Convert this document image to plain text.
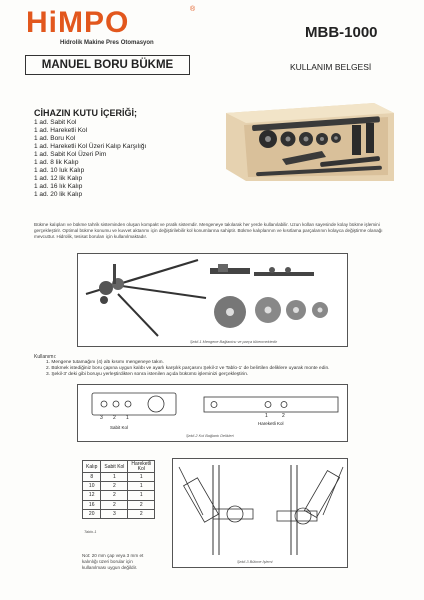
HiMPO	®
Hidrolik Makine Pres Otomasyon
MBB-1000
MANUEL BORU BÜKME	KULLANIM BELGESİ
CİHAZIN KUTU İÇERİĞİ;
1 ad. Sabit Kol
1 ad. Hareketli Kol
1 ad. Boru Kol
1 ad. Hareketli Kol Üzeri Kalıp Karşılığı
1 ad. Sabit Kol Üzeri Pim
1 ad. 8 lik Kalıp
1 ad. 10 luk Kalıp
1 ad. 12 lik Kalıp
1 ad. 16 lık Kalıp
1 ad. 20 lik Kalıp

Bükme kalıpları ve bükme tahrik sisteminden oluşan kompakt ve pratik sistemdir. Mengeneye takılarak her yerde kullanılabilir. Uzun kollan sayesinde kolay bükme işlemini gerçekleştirir. Optimal bükme konumu ve kuvvet aktarımı için değiştirilebilir kol konumlarına sahiptir. Bükme kalıplarının ve kısıtlama parçalarının kolayca değiştirme olanağı mevcuttur. Hidrolik, tesisat boruları için kullanılmaktadır.

Şekil-1 Mengene Bağlantısı ve parça tükenmektedir
Kullanımı:
1. Mengene tutamağını (4) altı kısımı mengeneye takın.
2. Bükmek istediğiniz boru çapına uygun kalıbı ve ayarlı karşılık parçasını Şekil-2 ve Tablo-1' de belirtilen deliklere uyarak monte edin.
3. Şekil-3' deki gibi boruyu yerleştirdikten sonra istenilen açıda bükümü işleminizi gerçekleştirin.
3 2 1
Sabit Kol
1	2
Hareketli Kol
Şekil-2 Kol Bağlantı Delikleri
Kalıp	Sabit Kol	Hareketli Kol
8	1	1
10	2	1
12	2	1
16	2	2
20	3	2
Tablo-1

Not: 20 mm çap veya 3 mm et kalınlığı üzeri borular için kullanılması uygun değildir.

Şekil-3 Bükme İşlemi
